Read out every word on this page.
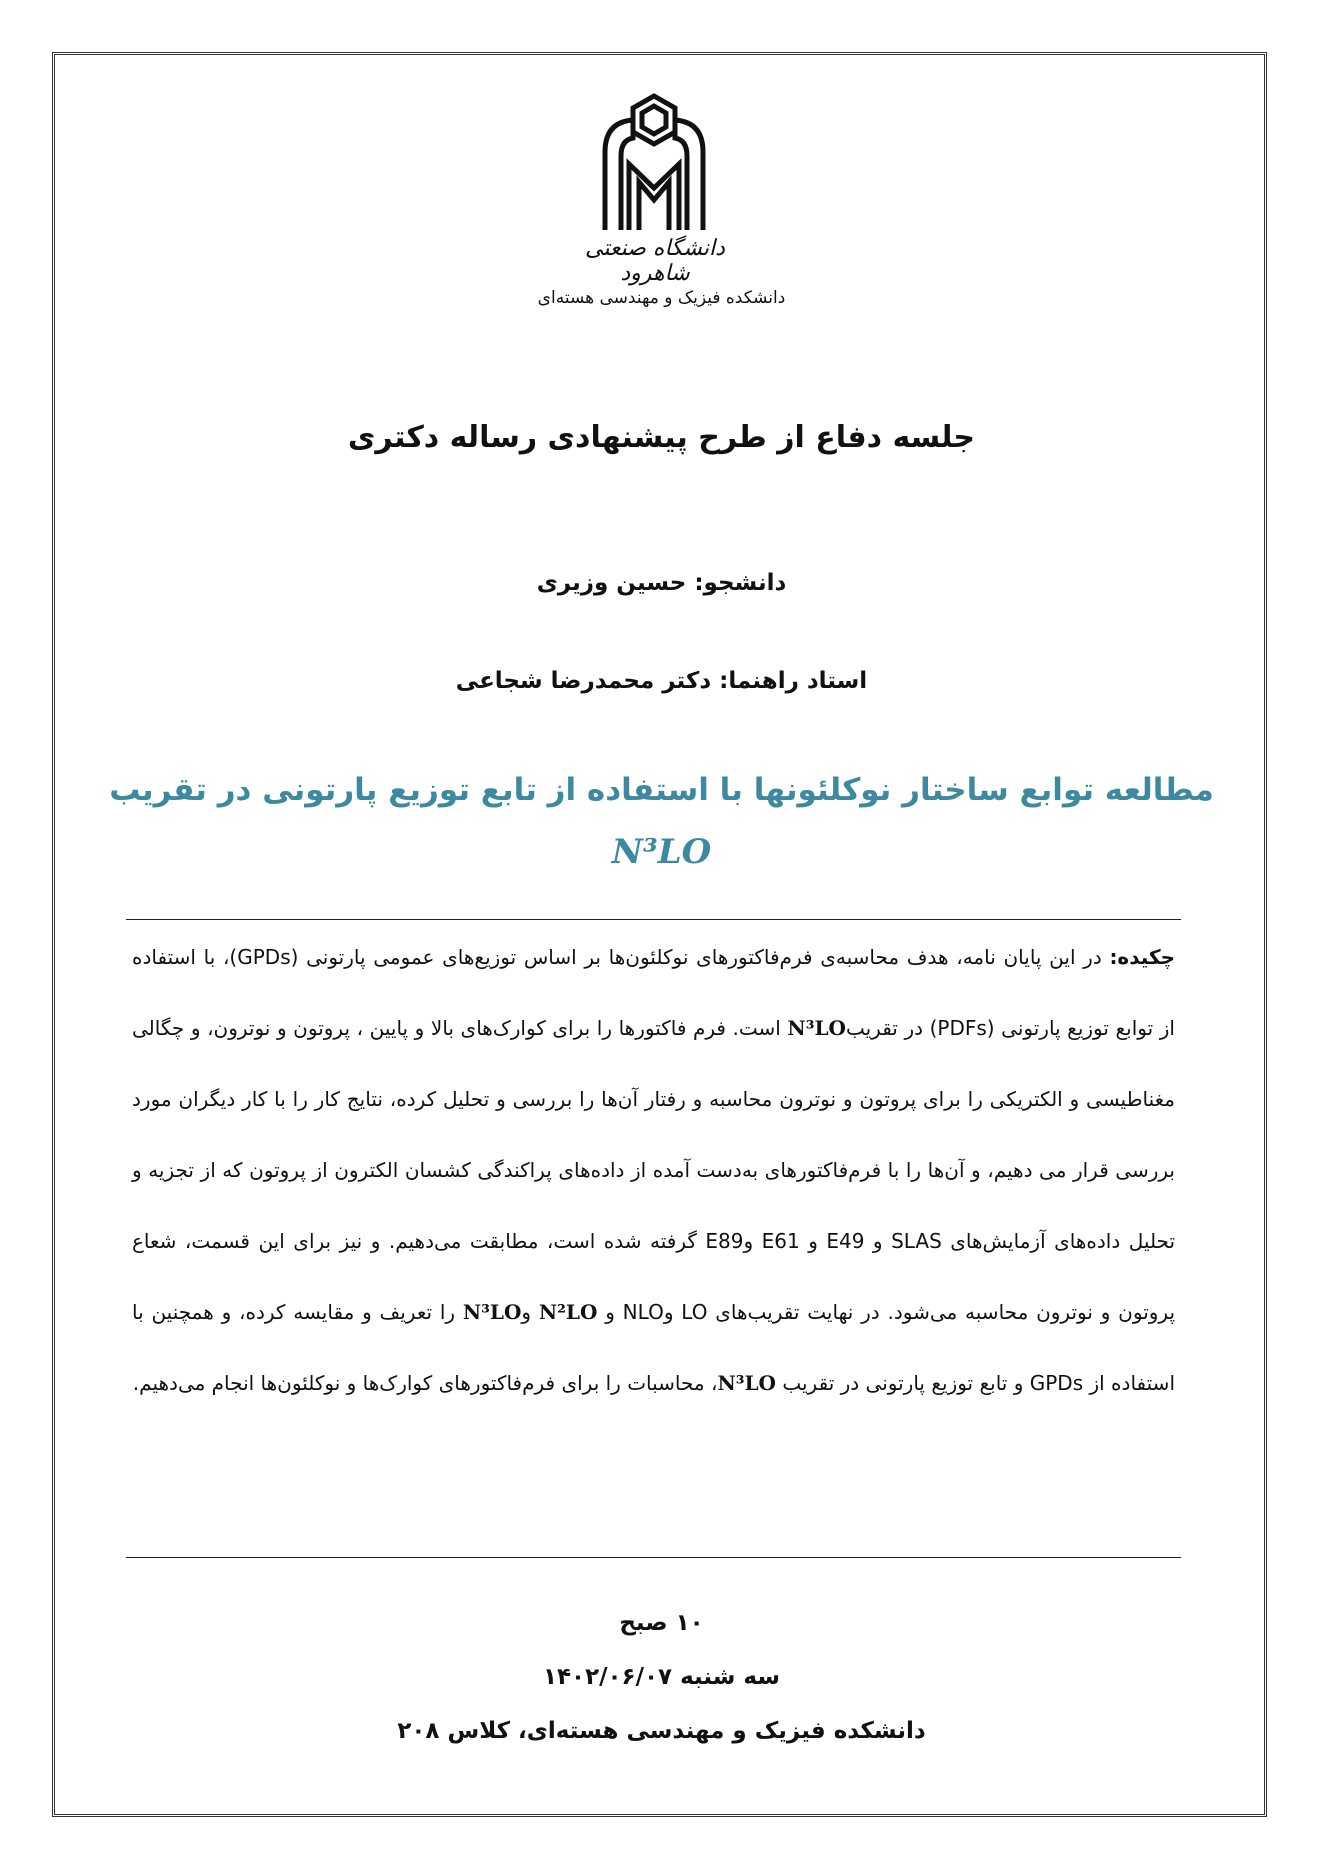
دانشگاه صنعتی شاهرود
دانشکده فیزیک و مهندسی هسته‌ای
جلسه دفاع از طرح پیشنهادی رساله دکتری
دانشجو: حسین وزیری
استاد راهنما: دکتر محمدرضا شجاعی
مطالعه توابع ساختار نوکلئونها با استفاده از تابع توزیع پارتونی در تقریب
N³LO
چکیده: در این پایان نامه، هدف محاسبه‌ی فرم‌فاکتورهای نوکلئون‌ها بر اساس توزیع‌های عمومی پارتونی (GPDs)، با استفاده از توابع توزیع پارتونی (PDFs) در تقریبN³LO است. فرم فاکتورها را برای کوارک‌های بالا و پایین ، پروتون و نوترون، و چگالی مغناطیسی و الکتریکی را برای پروتون و نوترون محاسبه و رفتار آن‌ها را بررسی و تحلیل کرده، نتایج کار را با کار دیگران مورد بررسی قرار می دهیم، و آن‌ها را با فرم‌فاکتورهای به‌دست آمده از داده‌های پراکندگی کشسان الکترون از پروتون که از تجزیه و تحلیل داده‌های آزمایش‌های SLAS و E49 و E61 وE89 گرفته شده است، مطابقت می‌دهیم. و نیز برای این قسمت، شعاع پروتون و نوترون محاسبه می‌شود. در نهایت تقریب‌های LO وNLO و N²LO وN³LO را تعریف و مقایسه کرده، و همچنین با استفاده از GPDs و تابع توزیع پارتونی در تقریب N³LO، محاسبات را برای فرم‌فاکتورهای کوارک‌ها و نوکلئون‌ها انجام می‌دهیم.
۱۰ صبح
سه شنبه ۱۴۰۲/۰۶/۰۷
دانشکده فیزیک و مهندسی هسته‌ای، کلاس ۲۰۸
